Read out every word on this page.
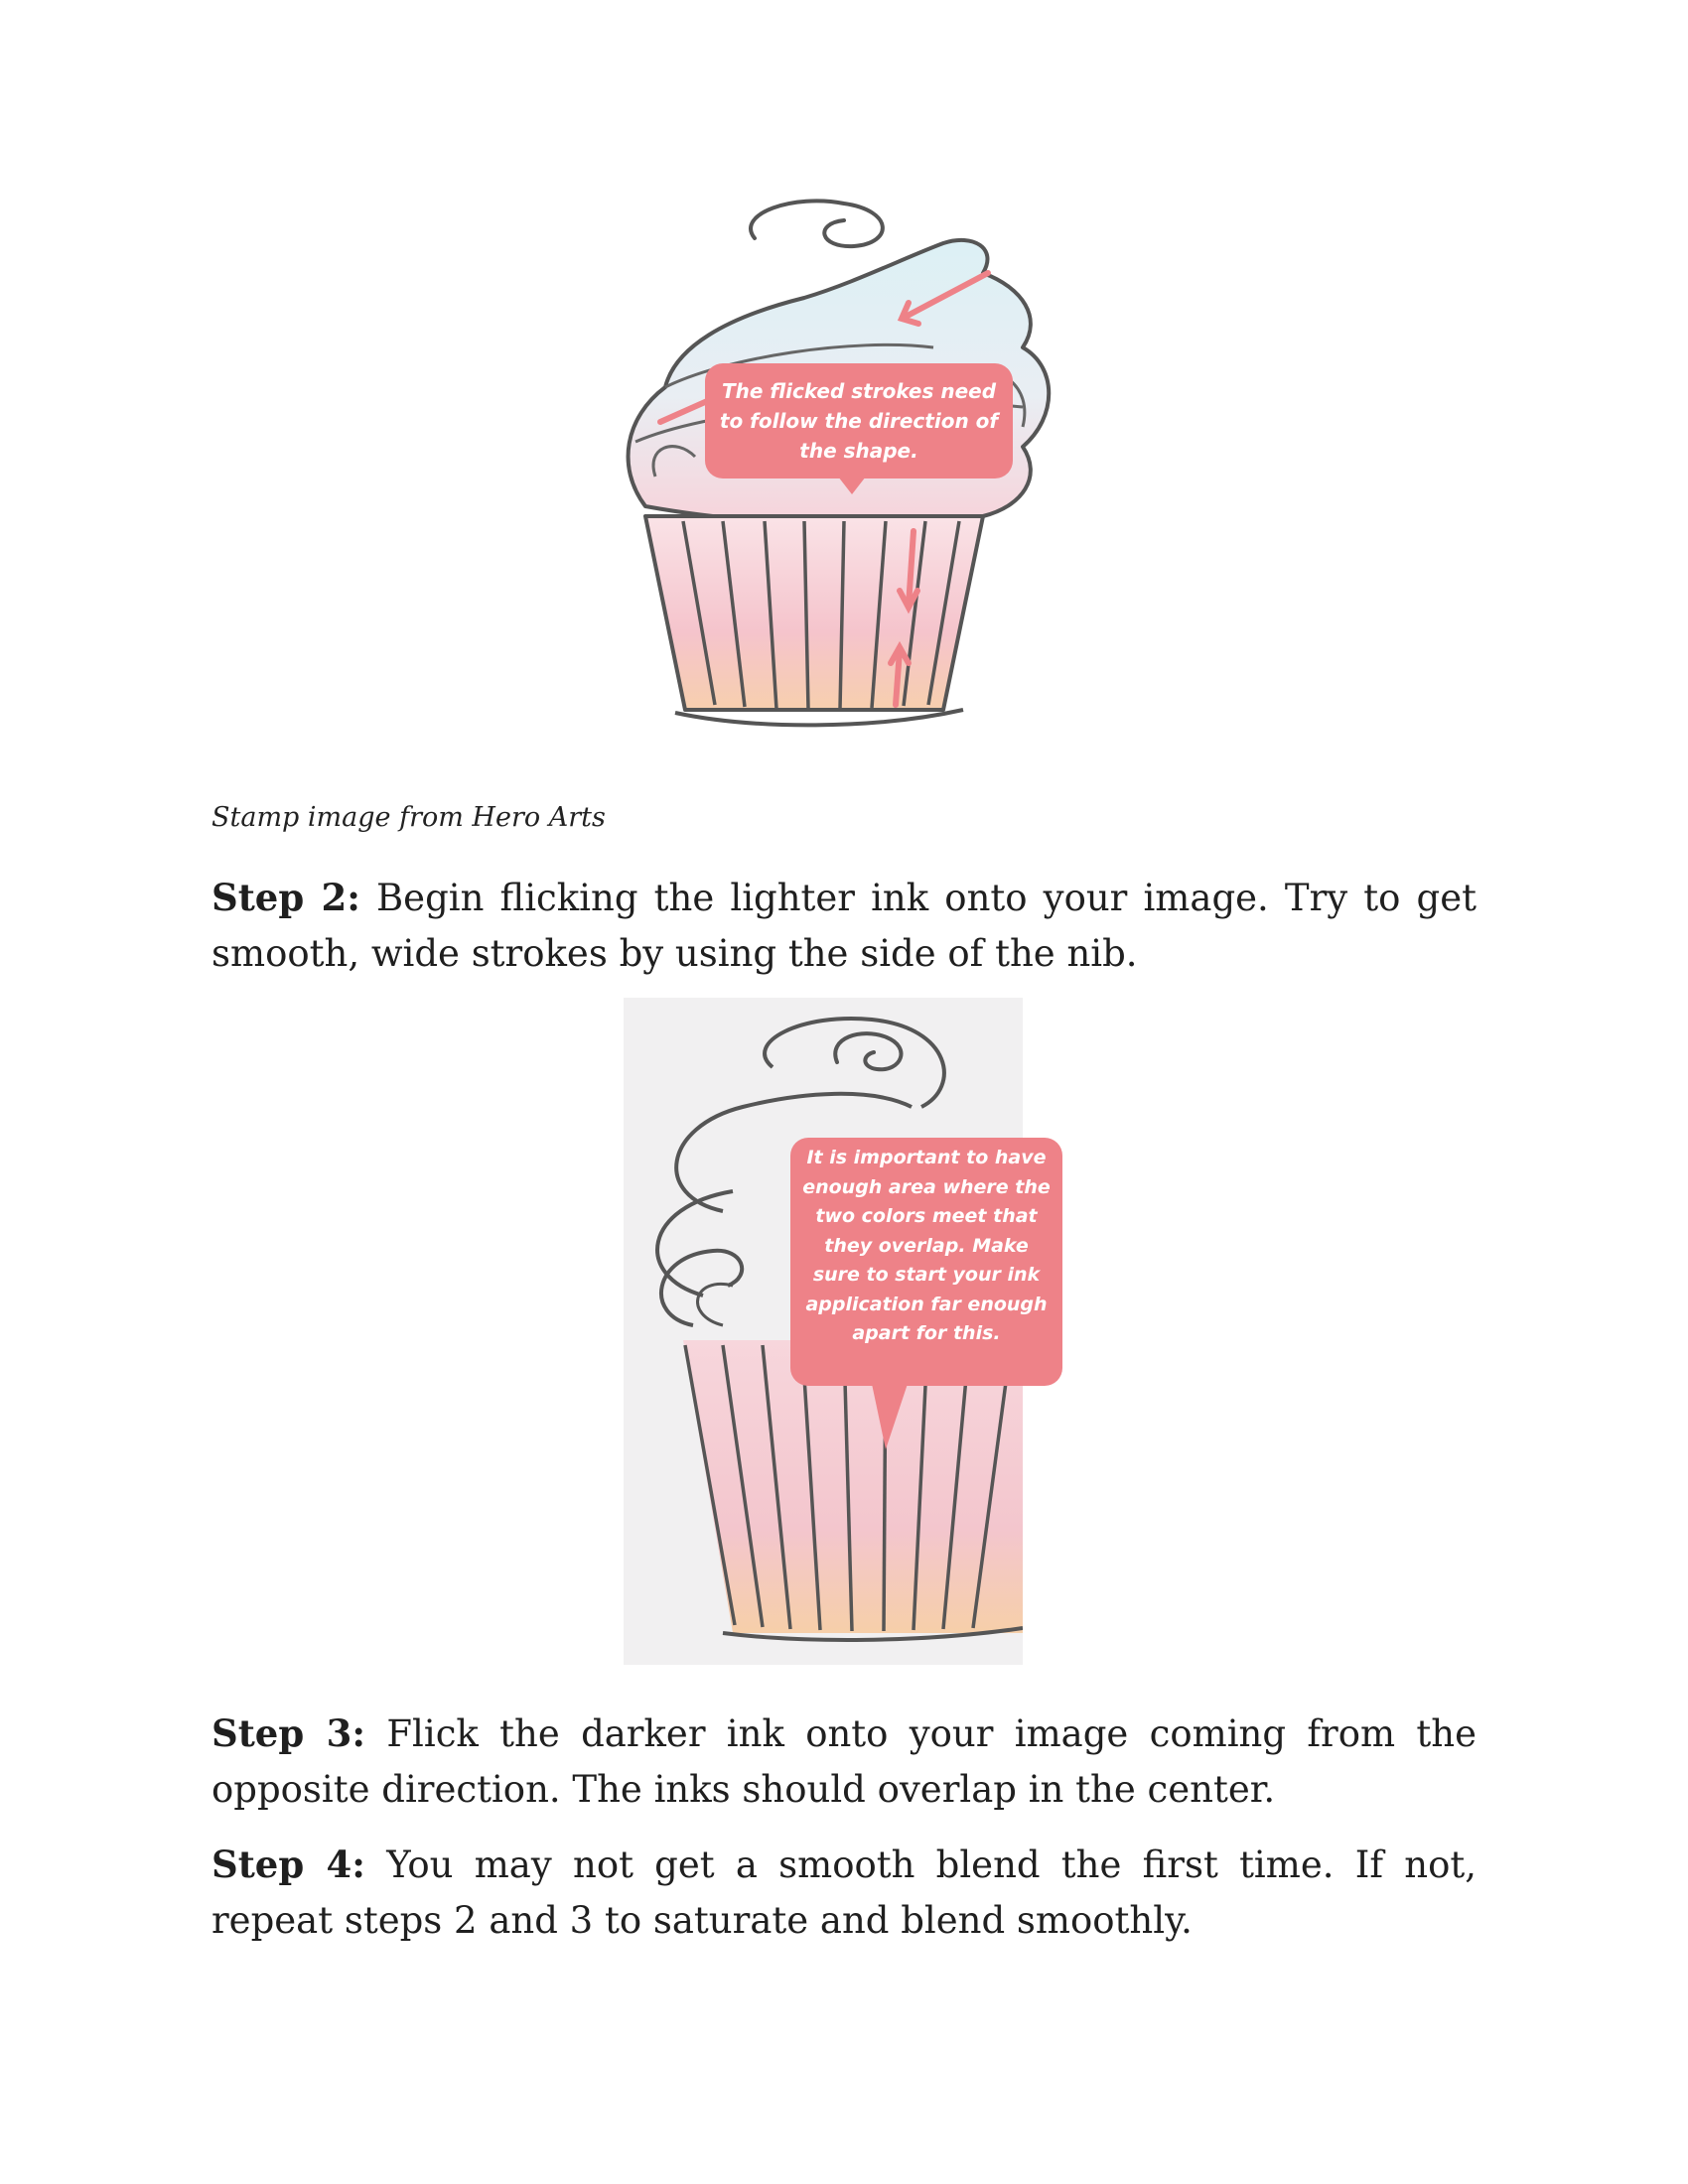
The flicked strokes need to follow the direction of the shape.

Stamp image from Hero Arts

Step 2: Begin flicking the lighter ink onto your image. Try to get smooth, wide strokes by using the side of the nib.

It is important to have enough area where the two colors meet that they overlap. Make sure to start your ink application far enough apart for this.

Step 3: Flick the darker ink onto your image coming from the opposite direction. The inks should overlap in the center.

Step 4: You may not get a smooth blend the first time. If not, repeat steps 2 and 3 to saturate and blend smoothly.
